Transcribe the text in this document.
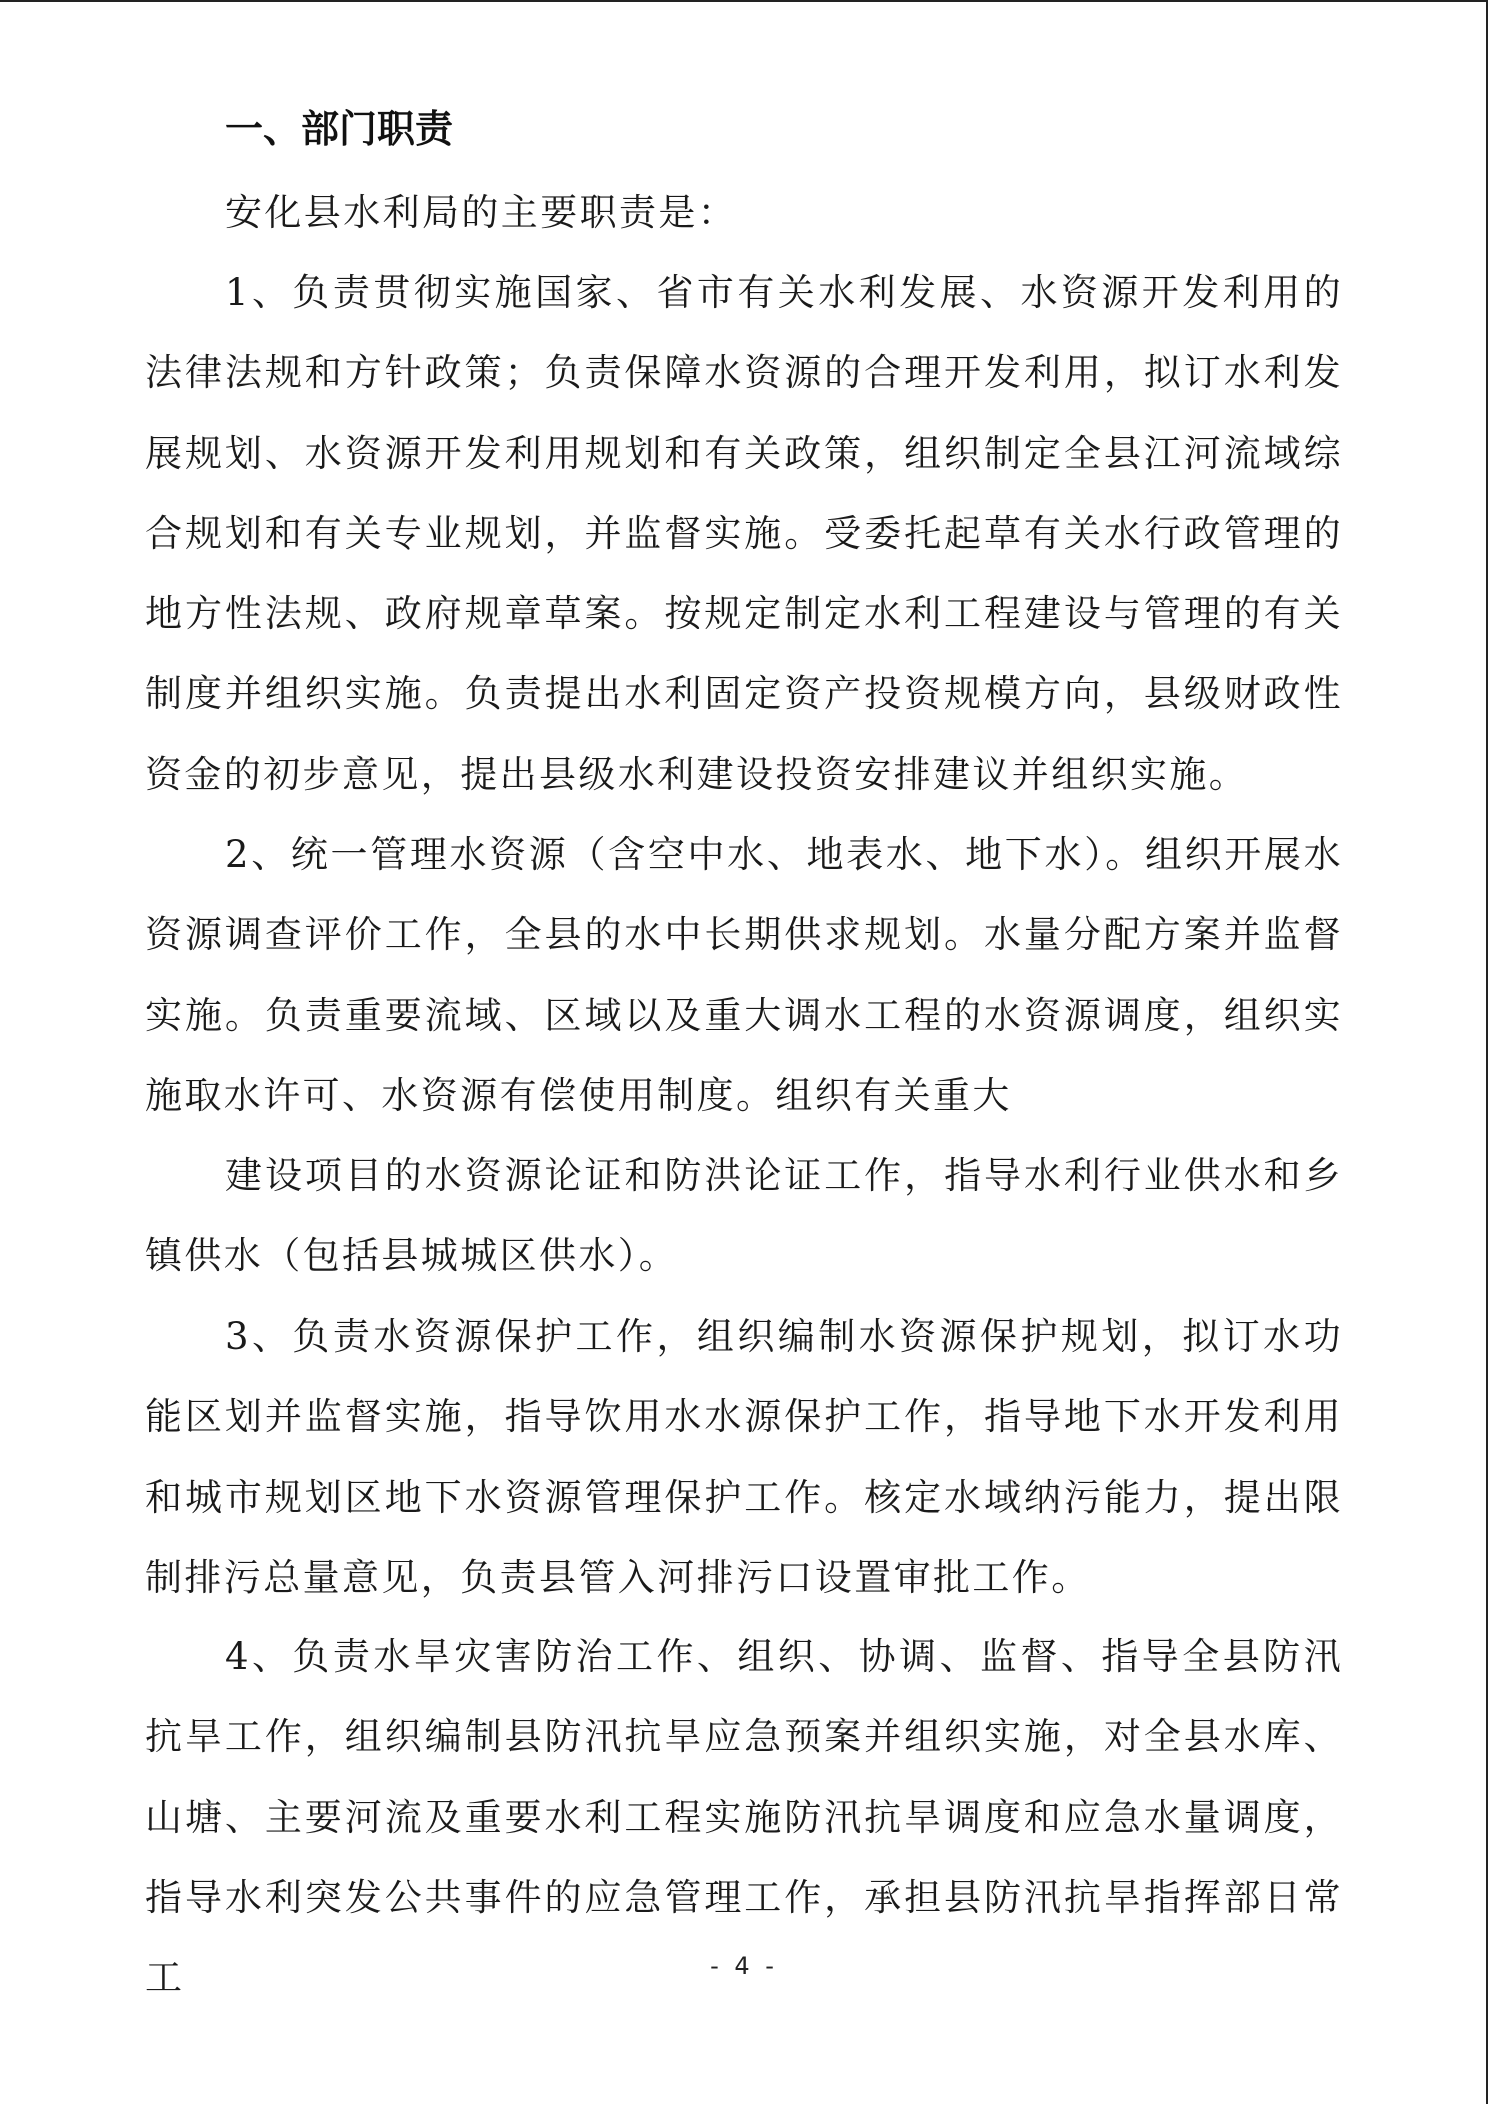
一、部门职责

安化县水利局的主要职责是：

1、负责贯彻实施国家、省市有关水利发展、水资源开发利用的法律法规和方针政策；负责保障水资源的合理开发利用，拟订水利发展规划、水资源开发利用规划和有关政策，组织制定全县江河流域综合规划和有关专业规划，并监督实施。受委托起草有关水行政管理的地方性法规、政府规章草案。按规定制定水利工程建设与管理的有关制度并组织实施。负责提出水利固定资产投资规模方向，县级财政性资金的初步意见，提出县级水利建设投资安排建议并组织实施。

2、统一管理水资源（含空中水、地表水、地下水）。组织开展水资源调查评价工作，全县的水中长期供求规划。水量分配方案并监督实施。负责重要流域、区域以及重大调水工程的水资源调度，组织实施取水许可、水资源有偿使用制度。组织有关重大

建设项目的水资源论证和防洪论证工作，指导水利行业供水和乡镇供水（包括县城城区供水）。

3、负责水资源保护工作，组织编制水资源保护规划，拟订水功能区划并监督实施，指导饮用水水源保护工作，指导地下水开发利用和城市规划区地下水资源管理保护工作。核定水域纳污能力，提出限制排污总量意见，负责县管入河排污口设置审批工作。

4、负责水旱灾害防治工作、组织、协调、监督、指导全县防汛抗旱工作，组织编制县防汛抗旱应急预案并组织实施，对全县水库、山塘、主要河流及重要水利工程实施防汛抗旱调度和应急水量调度，指导水利突发公共事件的应急管理工作，承担县防汛抗旱指挥部日常工	- 4 -
